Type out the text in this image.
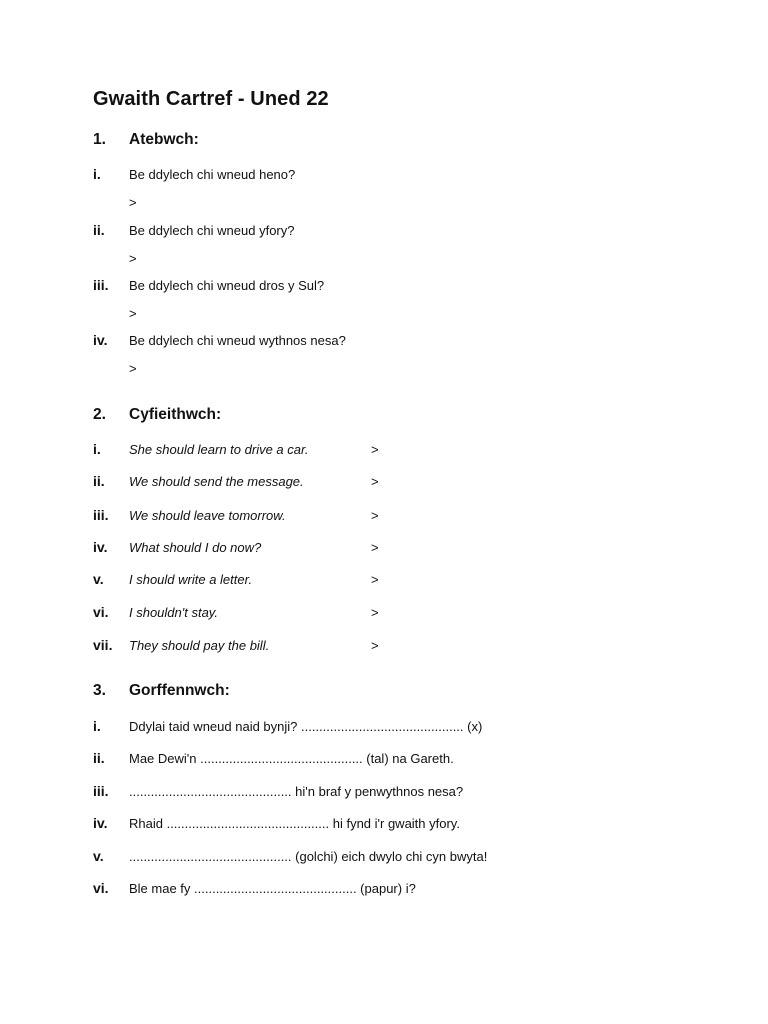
Gwaith Cartref - Uned 22
1. Atebwch:
i. Be ddylech chi wneud heno?
>
ii. Be ddylech chi wneud yfory?
>
iii. Be ddylech chi wneud dros y Sul?
>
iv. Be ddylech chi wneud wythnos nesa?
>
2. Cyfieithwch:
i. She should learn to drive a car.	>
ii. We should send the message.	>
iii. We should leave tomorrow.	>
iv. What should I do now?	>
v. I should write a letter.	>
vi. I shouldn't stay.	>
vii. They should pay the bill.	>
3. Gorffennwch:
i. Ddylai taid wneud naid bynji? ............................................. (x)
ii. Mae Dewi'n ............................................. (tal) na Gareth.
iii. ............................................. hi'n braf y penwythnos nesa?
iv. Rhaid ............................................. hi fynd i'r gwaith yfory.
v. ............................................. (golchi) eich dwylo chi cyn bwyta!
vi. Ble mae fy ............................................. (papur) i?
